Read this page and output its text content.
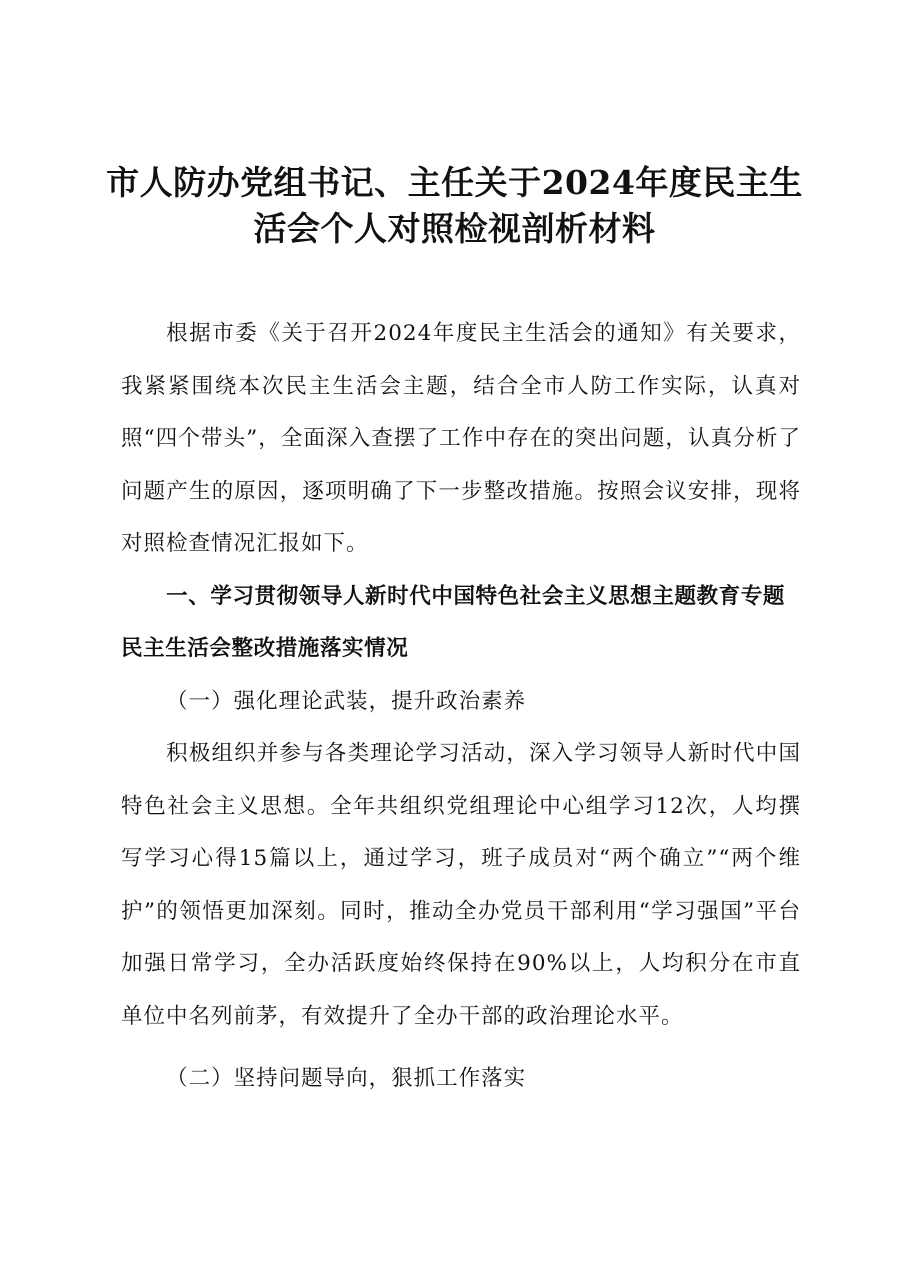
市人防办党组书记、主任关于2024年度民主生
活会个人对照检视剖析材料

根据市委《关于召开2024年度民主生活会的通知》有关要求，我紧紧围绕本次民主生活会主题，结合全市人防工作实际，认真对照“四个带头”，全面深入查摆了工作中存在的突出问题，认真分析了问题产生的原因，逐项明确了下一步整改措施。按照会议安排，现将对照检查情况汇报如下。

一、学习贯彻领导人新时代中国特色社会主义思想主题教育专题民主生活会整改措施落实情况

（一）强化理论武装，提升政治素养

积极组织并参与各类理论学习活动，深入学习领导人新时代中国特色社会主义思想。全年共组织党组理论中心组学习12次，人均撰写学习心得15篇以上，通过学习，班子成员对“两个确立”“两个维护”的领悟更加深刻。同时，推动全办党员干部利用“学习强国”平台加强日常学习，全办活跃度始终保持在90%以上，人均积分在市直单位中名列前茅，有效提升了全办干部的政治理论水平。

（二）坚持问题导向，狠抓工作落实
